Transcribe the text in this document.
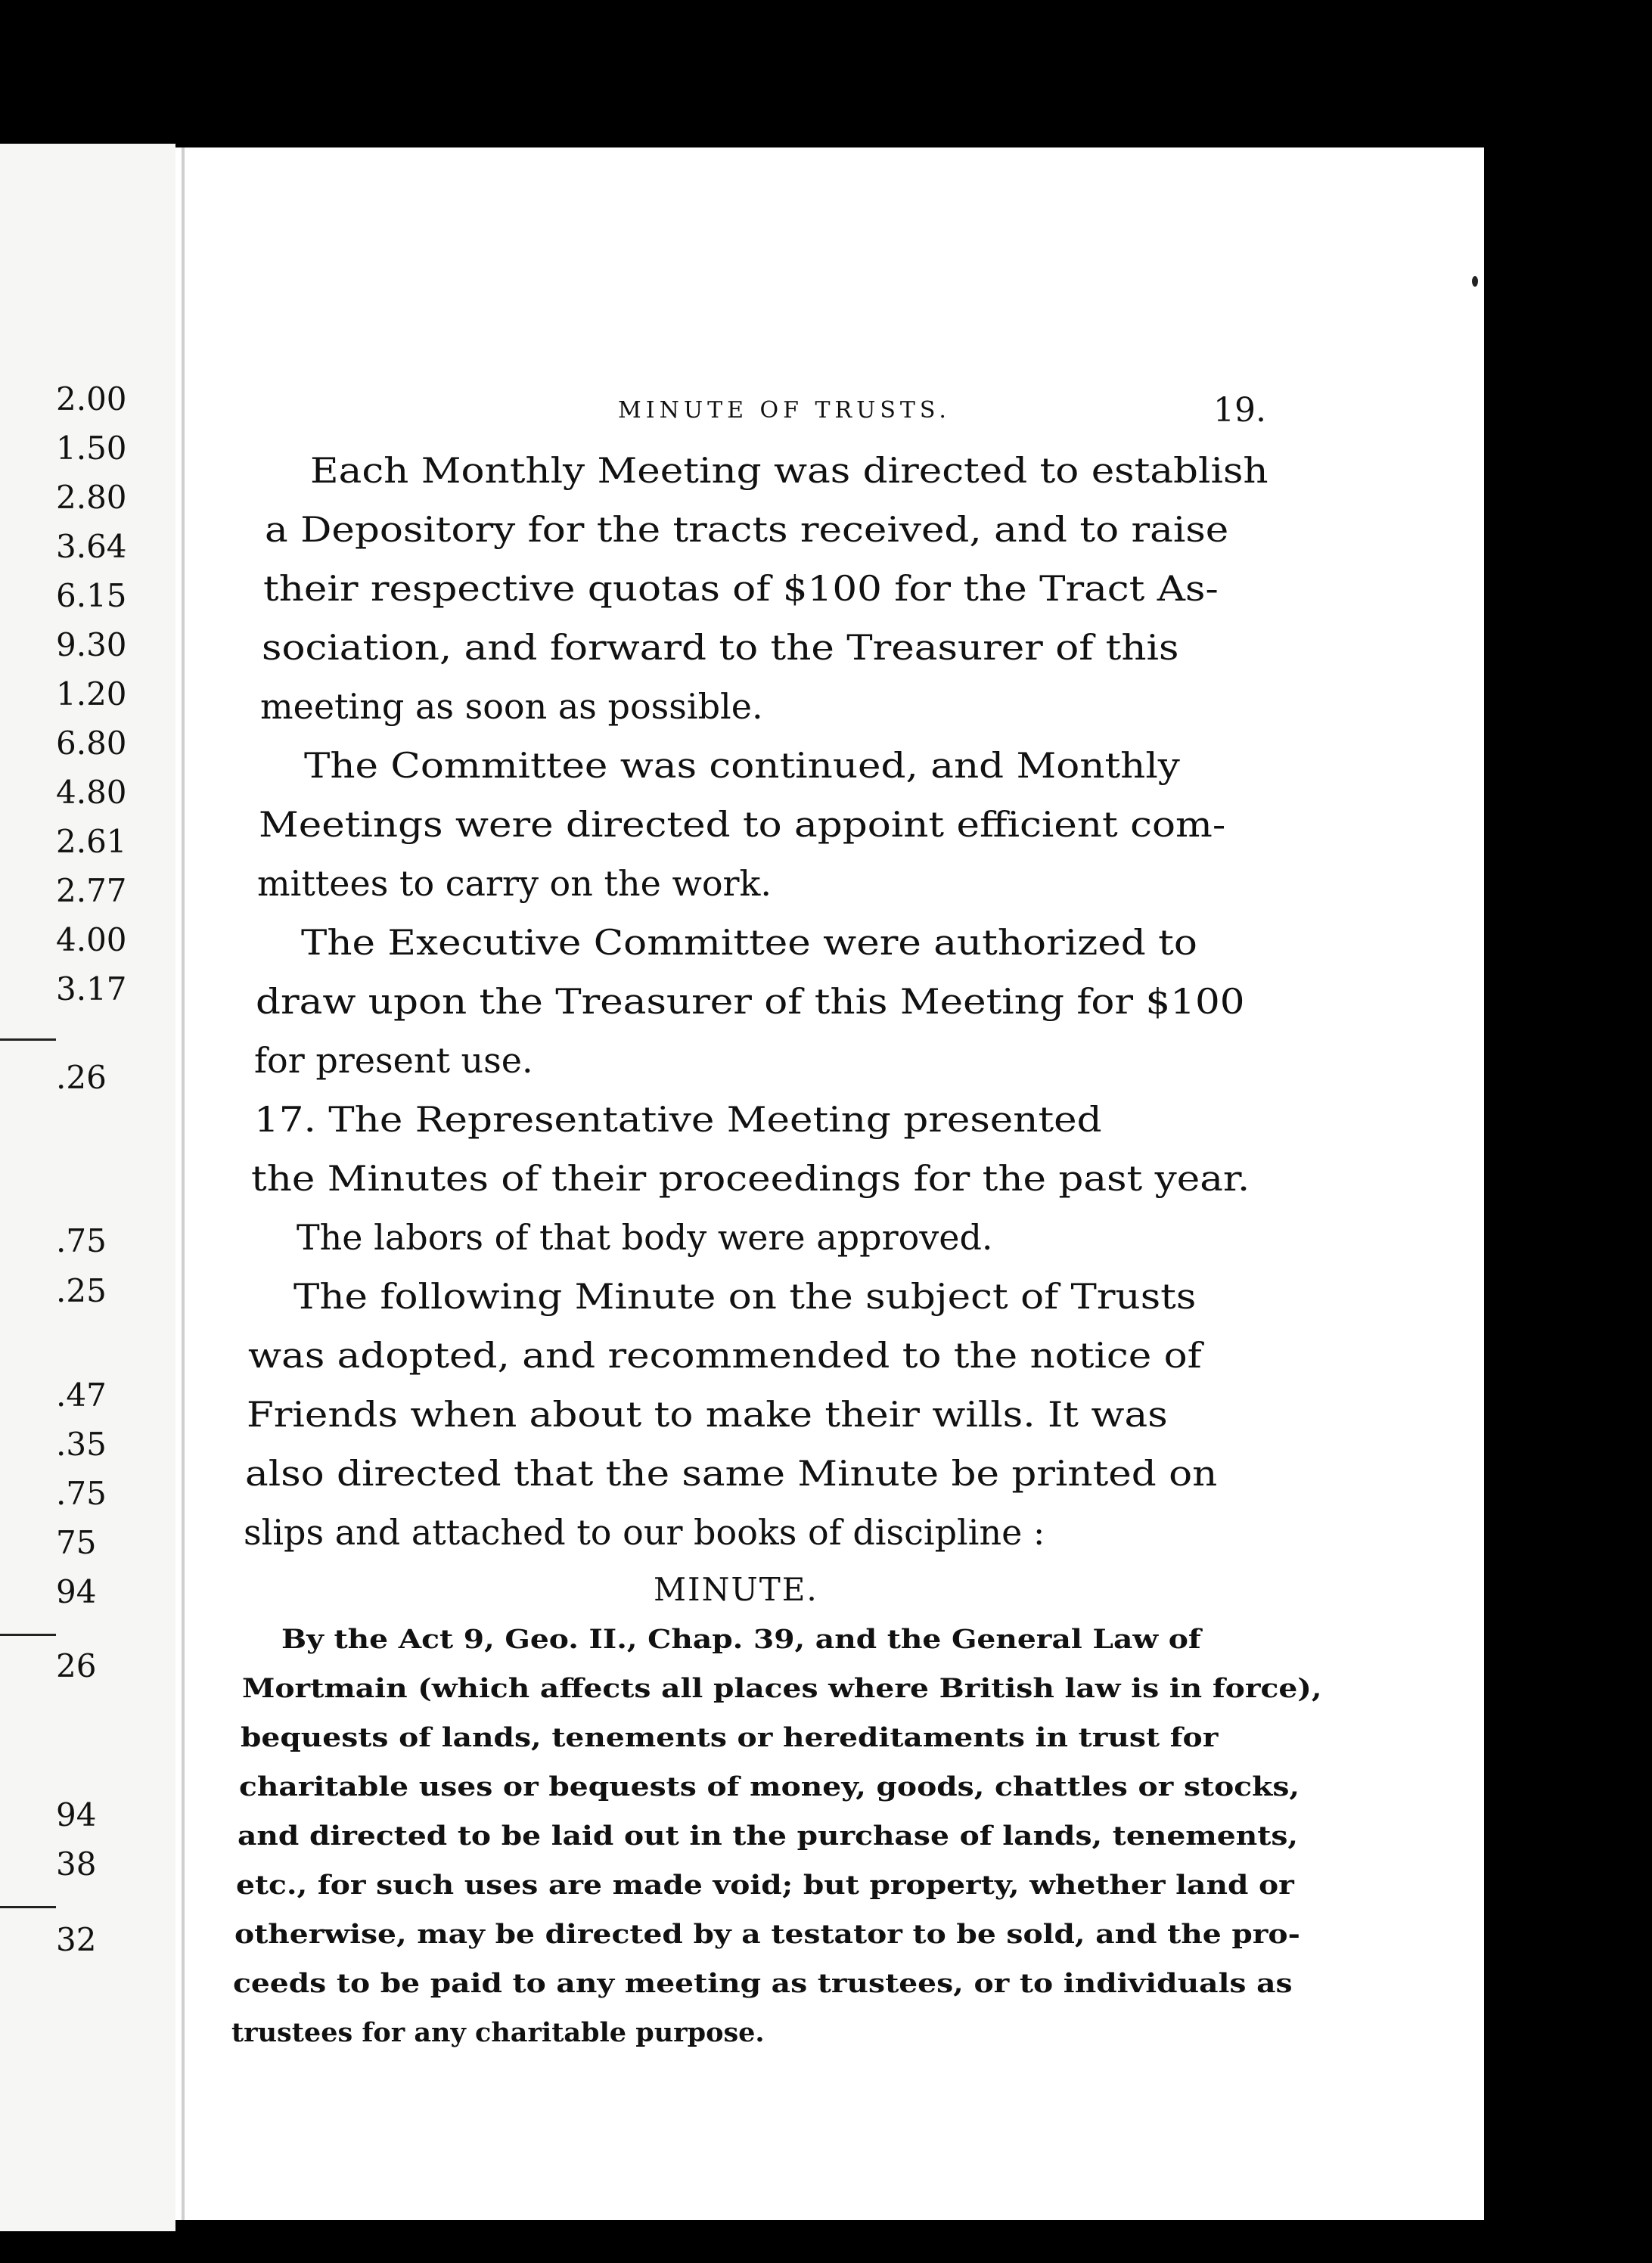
2.00
1.50
2.80
3.64
6.15
9.30
1.20
6.80
4.80
2.61
2.77
4.00
3.17
.26
.75
.25
.47
.35
.75
75
94
26
94
38
32
MINUTE OF TRUSTS.	19.
Each Monthly Meeting was directed to establish
a Depository for the tracts received, and to raise
their respective quotas of $100 for the Tract As-
sociation, and forward to the Treasurer of this
meeting as soon as possible.
The Committee was continued, and Monthly
Meetings were directed to appoint efficient com-
mittees to carry on the work.
The Executive Committee were authorized to
draw upon the Treasurer of this Meeting for $100
for present use.
17. The Representative Meeting presented
the Minutes of their proceedings for the past year.
The labors of that body were approved.
The following Minute on the subject of Trusts
was adopted, and recommended to the notice of
Friends when about to make their wills. It was
also directed that the same Minute be printed on
slips and attached to our books of discipline :
MINUTE.
By the Act 9, Geo. II., Chap. 39, and the General Law of
Mortmain (which affects all places where British law is in force),
bequests of lands, tenements or hereditaments in trust for
charitable uses or bequests of money, goods, chattles or stocks,
and directed to be laid out in the purchase of lands, tenements,
etc., for such uses are made void; but property, whether land or
otherwise, may be directed by a testator to be sold, and the pro-
ceeds to be paid to any meeting as trustees, or to individuals as
trustees for any charitable purpose.
